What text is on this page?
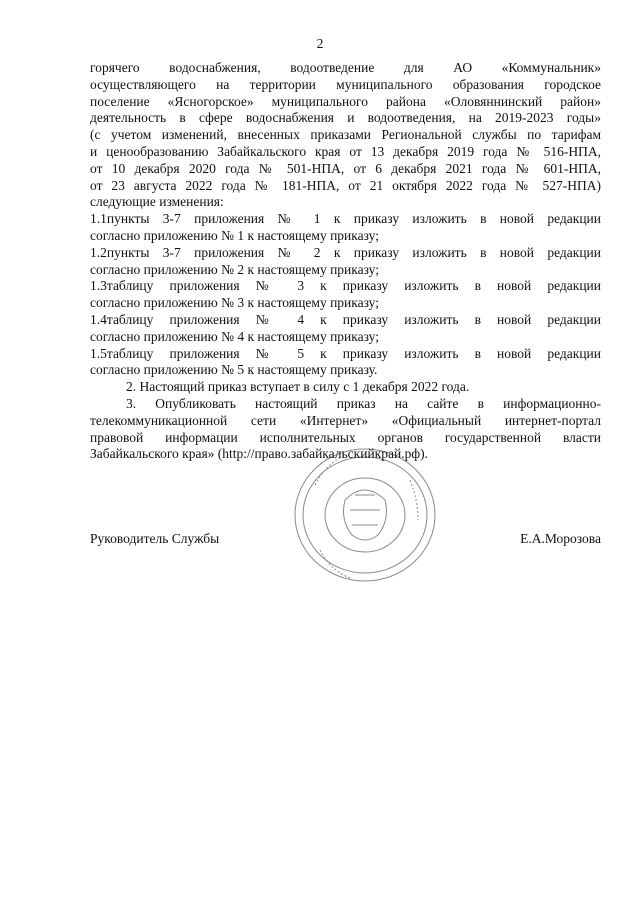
2

горячего водоснабжения, водоотведение для АО «Коммунальник»

осуществляющего на территории муниципального образования городское

поселение «Ясногорское» муниципального района «Оловяннинский район»

деятельность в сфере водоснабжения и водоотведения, на 2019-2023 годы»

(с учетом изменений, внесенных приказами Региональной службы по тарифам

и ценообразованию Забайкальского края от 13 декабря 2019 года № 516-НПА,

от 10 декабря 2020 года № 501-НПА, от 6 декабря 2021 года № 601-НПА,

от 23 августа 2022 года № 181-НПА, от 21 октября 2022 года № 527-НПА)

следующие изменения:

1.1пункты 3-7 приложения № 1 к приказу изложить в новой редакции

согласно приложению № 1 к настоящему приказу;

1.2пункты 3-7 приложения № 2 к приказу изложить в новой редакции

согласно приложению № 2 к настоящему приказу;

1.3таблицу приложения № 3 к приказу изложить в новой редакции

согласно приложению № 3 к настоящему приказу;

1.4таблицу приложения № 4 к приказу изложить в новой редакции

согласно приложению № 4 к настоящему приказу;

1.5таблицу приложения № 5 к приказу изложить в новой редакции

согласно приложению № 5 к настоящему приказу.

2. Настоящий приказ вступает в силу с 1 декабря 2022 года.

3. Опубликовать настоящий приказ на сайте в информационно-

телекоммуникационной сети «Интернет» «Официальный интернет-портал

правовой информации исполнительных органов государственной власти

Забайкальского края» (http://право.забайкальскийкрай.рф).

Руководитель Службы	Е.А.Морозова
